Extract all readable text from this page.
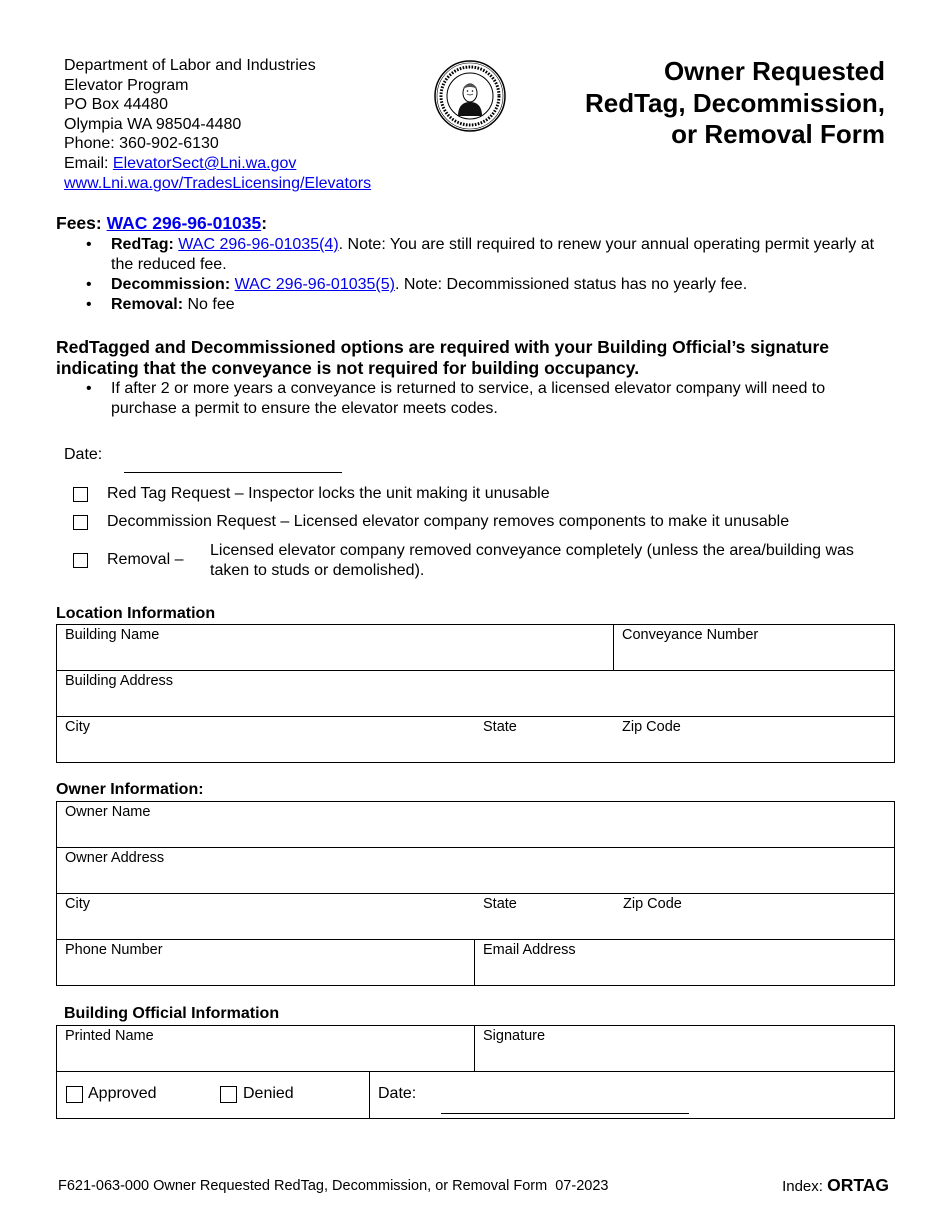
Department of Labor and Industries
Elevator Program
PO Box 44480
Olympia WA 98504-4480
Phone: 360-902-6130
Email: ElevatorSect@Lni.wa.gov
www.Lni.wa.gov/TradesLicensing/Elevators
Owner Requested
RedTag, Decommission,
or Removal Form
Fees: WAC 296-96-01035:
• RedTag: WAC 296-96-01035(4). Note: You are still required to renew your annual operating permit yearly at the reduced fee.
• Decommission: WAC 296-96-01035(5). Note: Decommissioned status has no yearly fee.
• Removal: No fee
RedTagged and Decommissioned options are required with your Building Official’s signature indicating that the conveyance is not required for building occupancy.
• If after 2 or more years a conveyance is returned to service, a licensed elevator company will need to purchase a permit to ensure the elevator meets codes.
Date:
Red Tag Request – Inspector locks the unit making it unusable
Decommission Request – Licensed elevator company removes components to make it unusable
Removal –
Licensed elevator company removed conveyance completely (unless the area/building was taken to studs or demolished).
Location Information
Building Name	Conveyance Number
Building Address

City	State	Zip Code
Owner Information:
Owner Name
Owner Address

City	State	Zip Code

Phone Number	Email Address
Building Official Information
Printed Name		Signature

Approved Denied	Date:	
F621-063-000 Owner Requested RedTag, Decommission, or Removal Form  07-2023	Index: ORTAG
